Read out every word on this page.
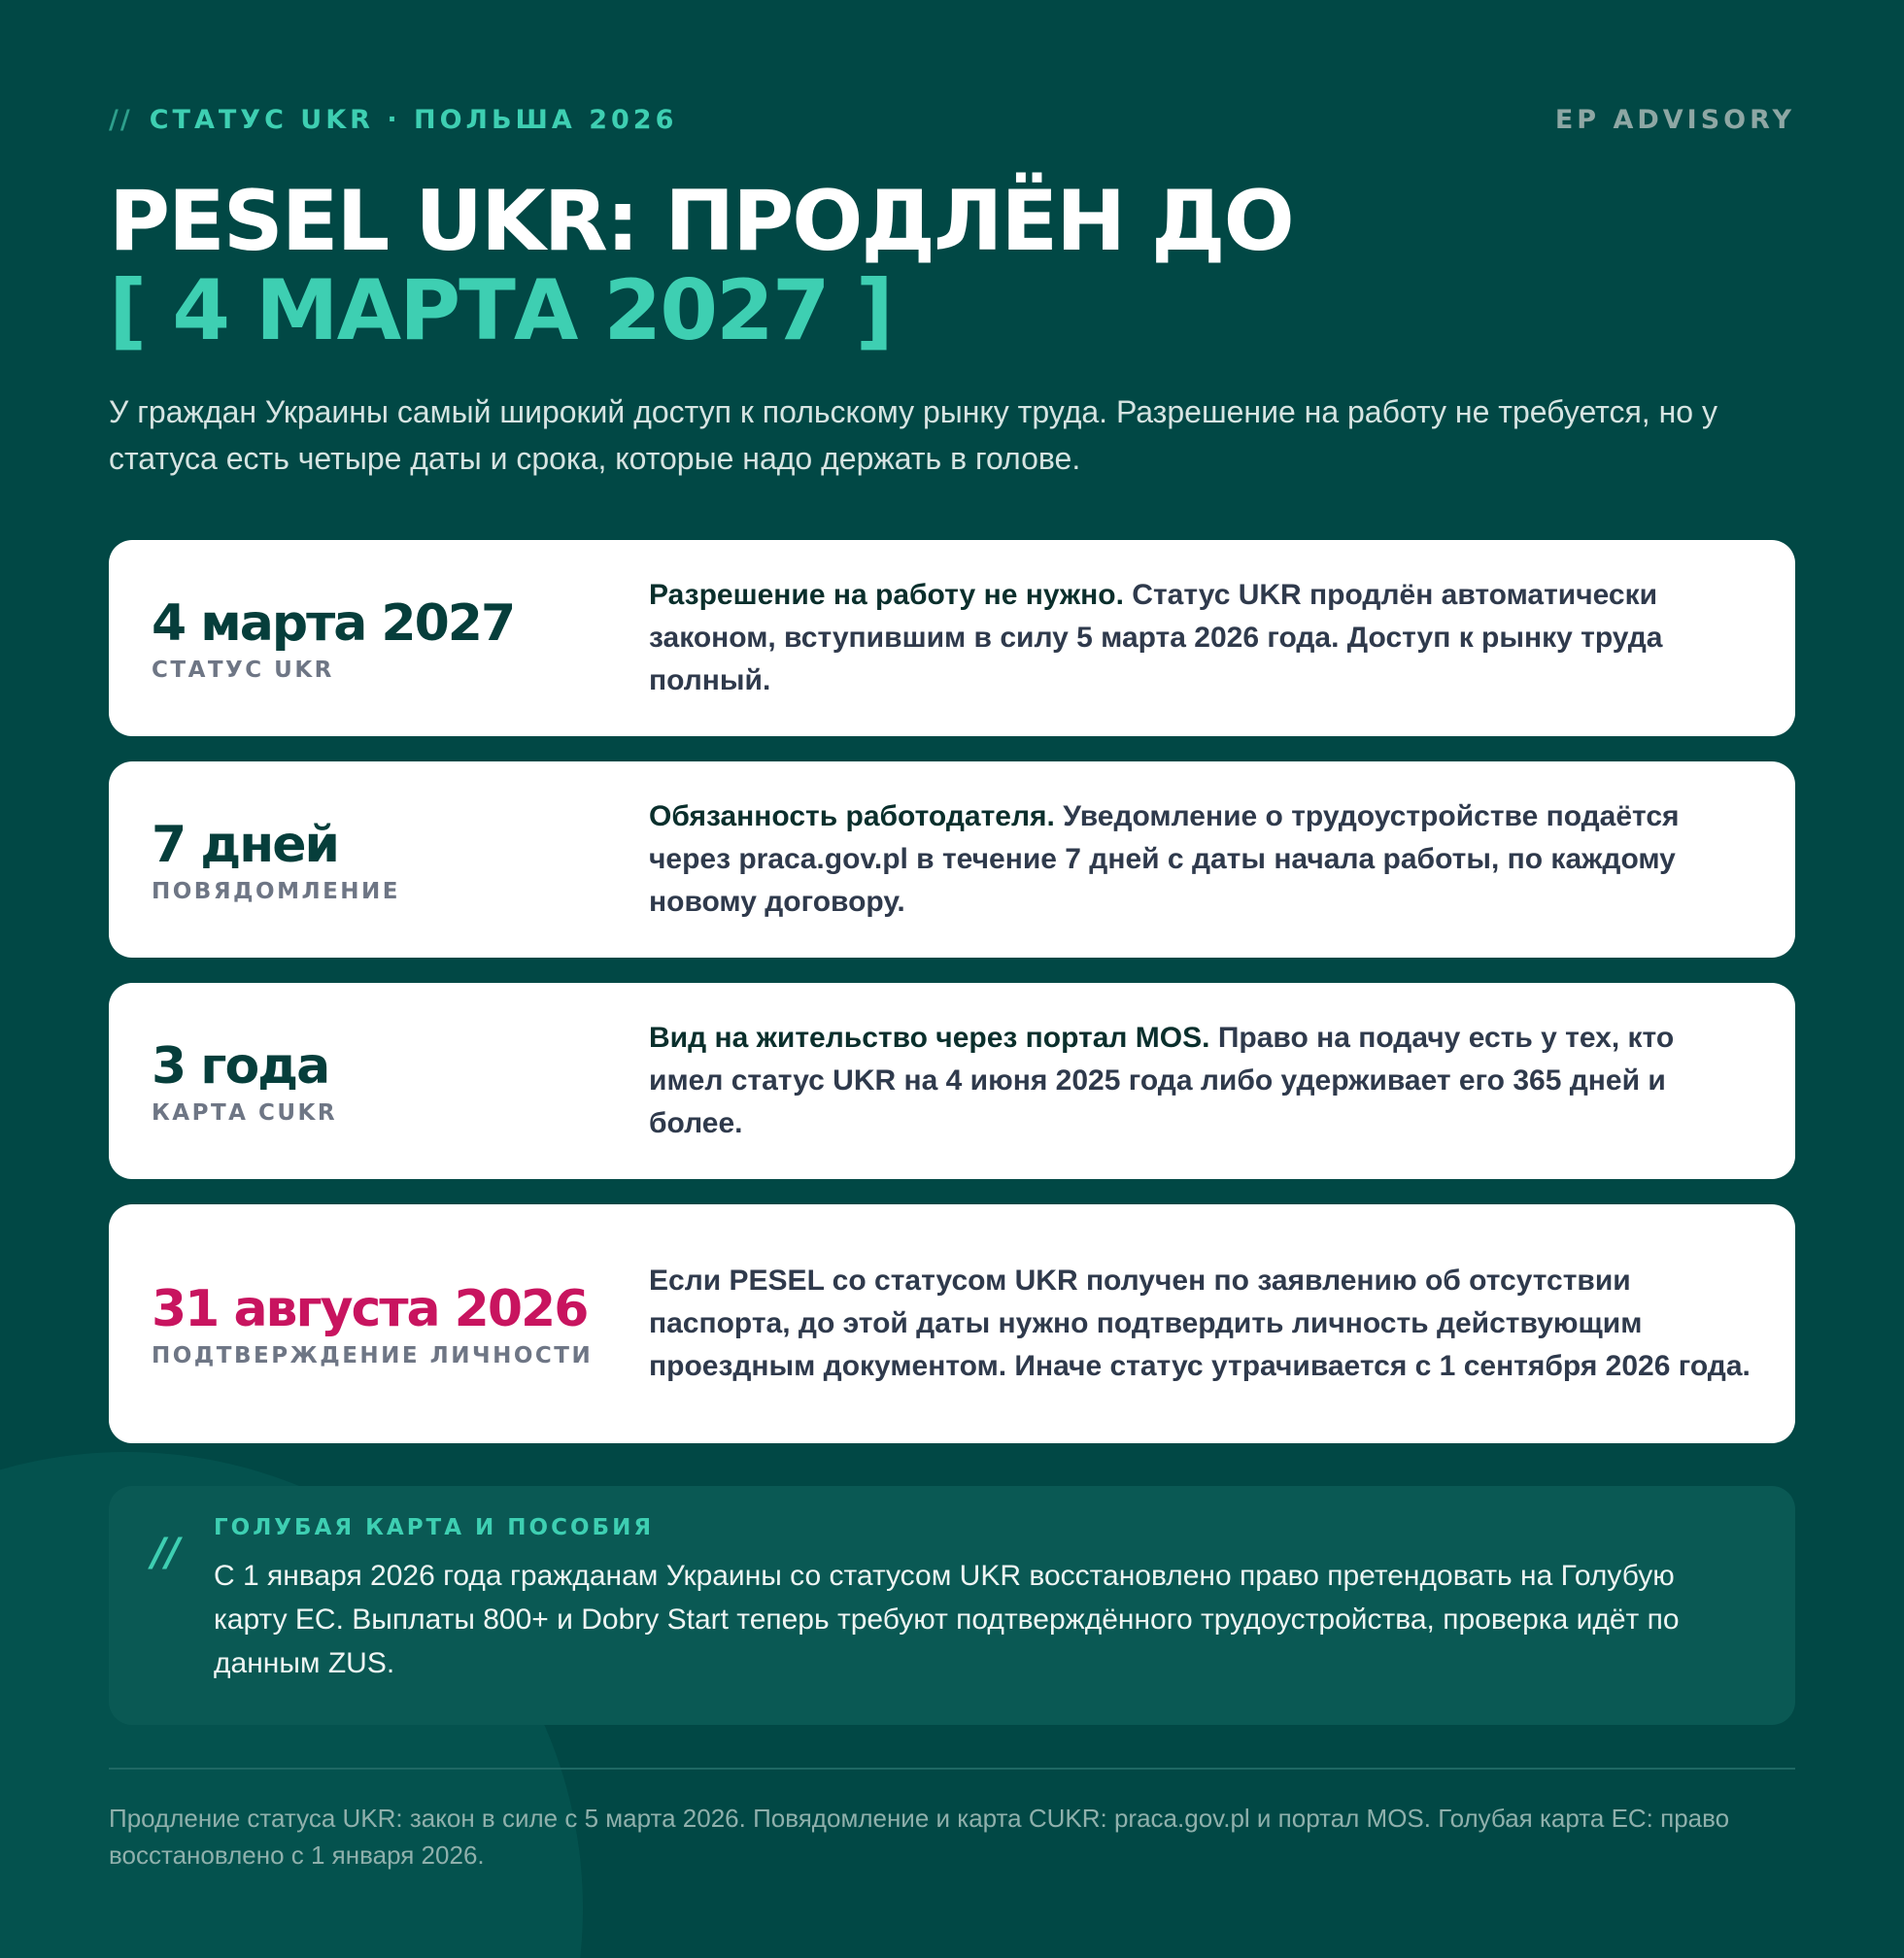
// СТАТУС UKR · ПОЛЬША 2026	EP ADVISORY
PESEL UKR: ПРОДЛЁН ДО
[ 4 МАРТА 2027 ]

У граждан Украины самый широкий доступ к польскому рынку труда. Разрешение на работу не требуется, но у статуса есть четыре даты и срока, которые надо держать в голове.

4 марта 2027
СТАТУС UKR
Разрешение на работу не нужно. Статус UKR продлён автоматически законом, вступившим в силу 5 марта 2026 года. Доступ к рынку труда полный.
7 дней
ПОВЯДОМЛЕНИЕ
Обязанность работодателя. Уведомление о трудоустройстве подаётся через praca.gov.pl в течение 7 дней с даты начала работы, по каждому новому договору.
3 года
КАРТА CUKR
Вид на жительство через портал MOS. Право на подачу есть у тех, кто имел статус UKR на 4 июня 2025 года либо удерживает его 365 дней и более.
31 августа 2026
ПОДТВЕРЖДЕНИЕ ЛИЧНОСТИ
Если PESEL со статусом UKR получен по заявлению об отсутствии паспорта, до этой даты нужно подтвердить личность действующим проездным документом. Иначе статус утрачивается с 1 сентября 2026 года.
//
ГОЛУБАЯ КАРТА И ПОСОБИЯ
С 1 января 2026 года гражданам Украины со статусом UKR восстановлено право претендовать на Голубую карту ЕС. Выплаты 800+ и Dobry Start теперь требуют подтверждённого трудоустройства, проверка идёт по данным ZUS.

Продление статуса UKR: закон в силе с 5 марта 2026. Повядомление и карта CUKR: praca.gov.pl и портал MOS. Голубая карта ЕС: право восстановлено с 1 января 2026.
